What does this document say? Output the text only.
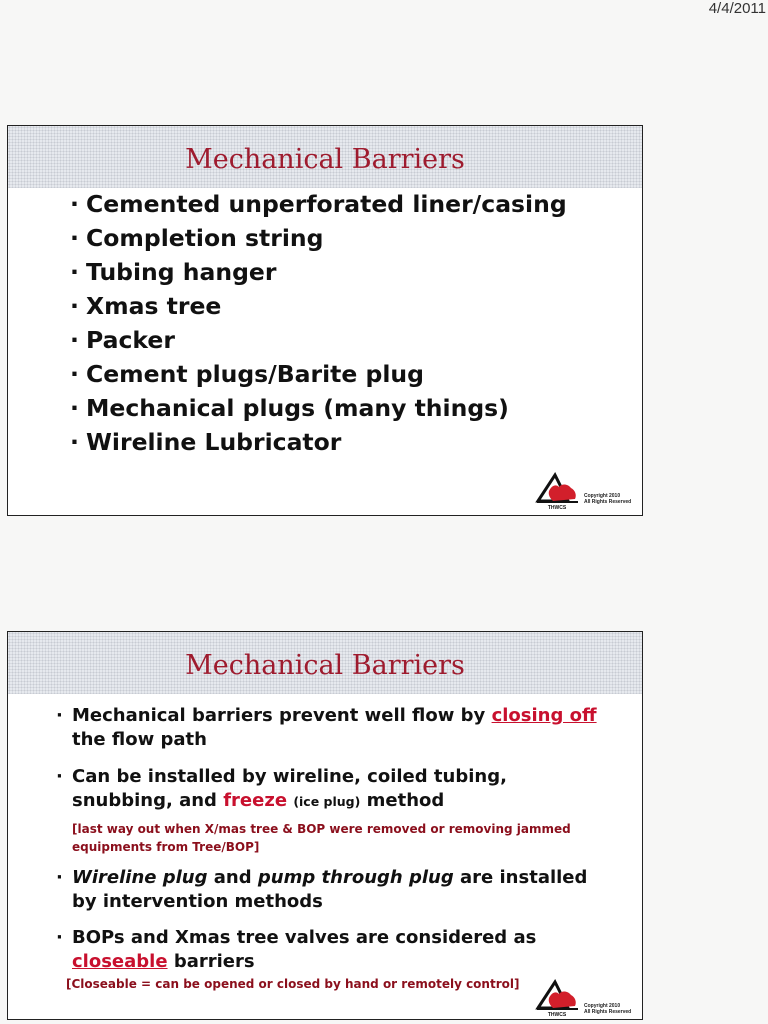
4/4/2011
Mechanical Barriers
· Cemented unperforated liner/casing
· Completion string
· Tubing hanger
· Xmas tree
· Packer
· Cement plugs/Barite plug
· Mechanical plugs (many things)
· Wireline Lubricator
THWCS
Copyright 2010
All Rights Reserved
Mechanical Barriers
· Mechanical barriers prevent well flow by closing off the flow path
· Can be installed by wireline, coiled tubing, snubbing, and freeze (ice plug) method
[last way out when X/mas tree & BOP were removed or removing jammed equipments from Tree/BOP]
· Wireline plug and pump through plug are installed by intervention methods
· BOPs and Xmas tree valves are considered as closeable barriers
[Closeable = can be opened or closed by hand or remotely control]
THWCS
Copyright 2010
All Rights Reserved
